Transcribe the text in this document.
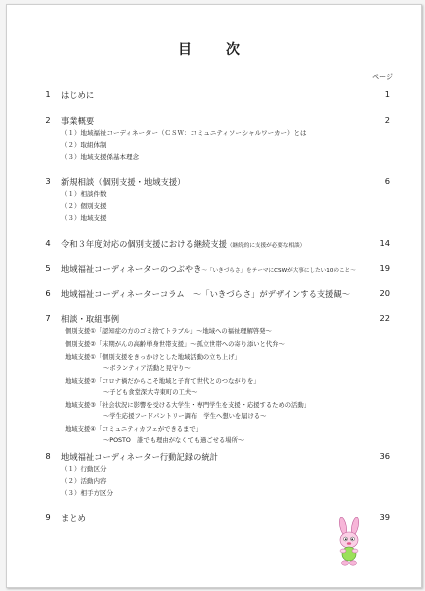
目　次
ページ
1 はじめに	1
2 事業概要	2
（１）地域福祉コーディネーター（ＣＳＷ：コミュニティソーシャルワーカー）とは
（２）取組体制
（３）地域支援係基本理念
3 新規相談（個別支援・地域支援）	6
（１）相談件数
（２）個別支援
（３）地域支援
4 令和３年度対応の個別支援における継続支援（継続的に支援が必要な相談）	14
5 地域福祉コーディネーターのつぶやき～「いきづらさ」をテーマにCSWが大事にしたい10のこと～	19
6 地域福祉コーディネーターコラム　～「いきづらさ」がデザインする支援観～	20
7 相談・取組事例	22
個別支援①「認知症の方のゴミ捨てトラブル」～地域への福祉理解啓発～
個別支援②「末期がんの高齢単身世帯支援」～孤立世帯への寄り添いと代弁～
地域支援①「個別支援をきっかけとした地域活動の立ち上げ」
～ボランティア活動と見守り～
地域支援②「コロナ禍だからこそ地域と子育て世代とのつながりを」
～子ども食堂深大寺東町の工夫～
地域支援③「社会状況に影響を受ける大学生・専門学生を支援・応援するための活動」
～学生応援フードパントリー調布　学生へ想いを届ける～
地域支援④「コミュニティカフェができるまで」
～POSTO　誰でも理由がなくても過ごせる場所～
8 地域福祉コーディネーター行動記録の統計	36
（１）行動区分
（２）活動内容
（３）相手方区分
9 まとめ	39
